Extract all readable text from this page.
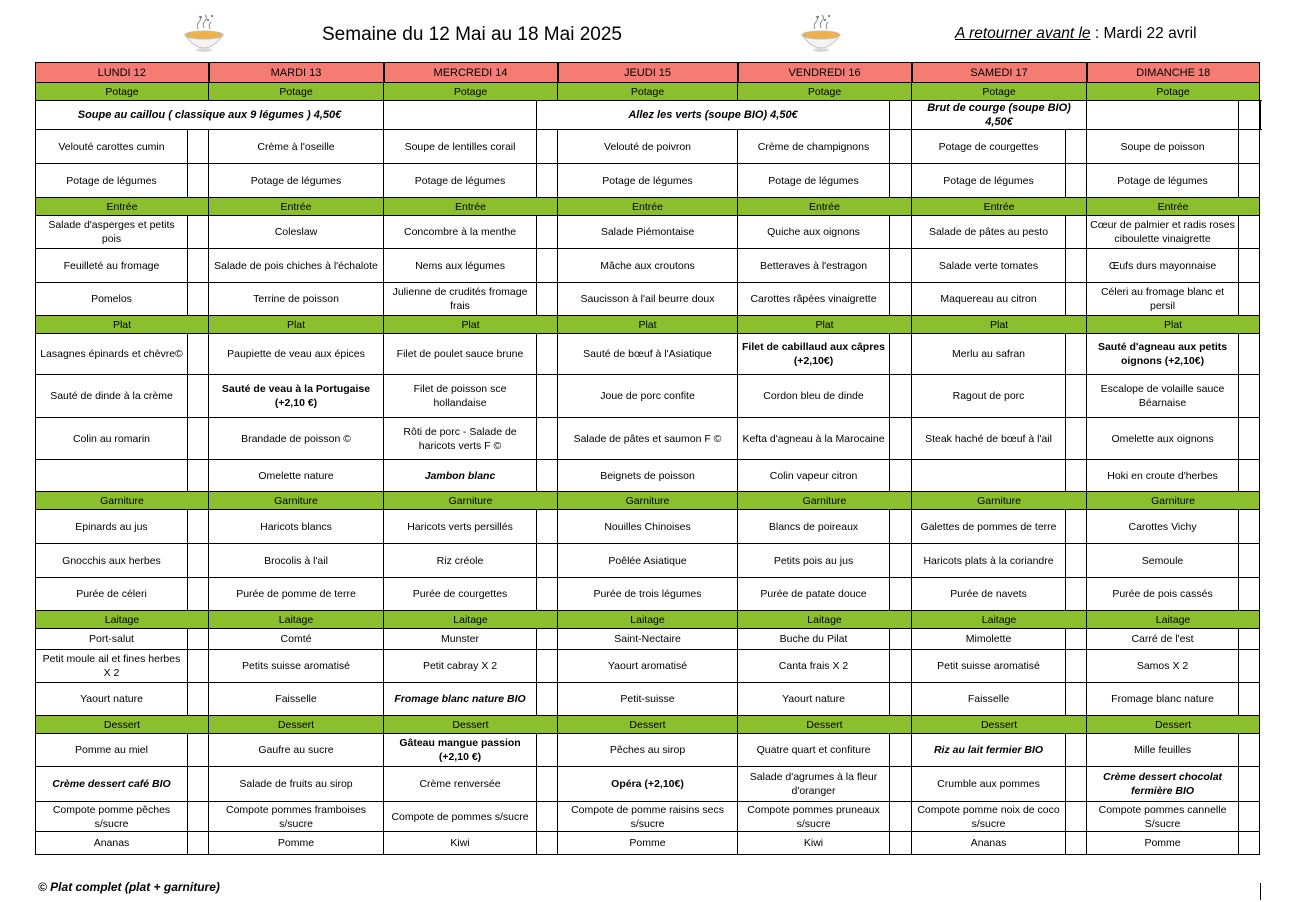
Semaine du 12 Mai au 18 Mai 2025	A retourner avant le : Mardi 22 avril
LUNDI 12		MARDI 13	MERCREDI 14		JEUDI 15	VENDREDI 16		SAMEDI 17		DIMANCHE 18		
Potage		Potage	Potage		Potage	Potage		Potage		Potage		
Soupe au caillou ( classique aux 9 légumes ) 4,50€				Allez les verts (soupe BIO) 4,50€				Brut de courge (soupe BIO) 4,50€				
Velouté carottes cumin		Crème à l'oseille	Soupe de lentilles corail		Velouté de poivron	Crème de champignons		Potage de courgettes		Soupe de poisson		
Potage de légumes		Potage de légumes	Potage de légumes		Potage de légumes	Potage de légumes		Potage de légumes		Potage de légumes		
Entrée		Entrée	Entrée		Entrée	Entrée		Entrée		Entrée		
Salade d'asperges et petits pois		Coleslaw	Concombre à la menthe		Salade Piémontaise	Quiche aux oignons		Salade de pâtes au pesto		Cœur de palmier et radis roses ciboulette vinaigrette		
Feuilleté au fromage		Salade de pois chiches à l'échalote	Nems aux légumes		Mâche aux croutons	Betteraves à l'estragon		Salade verte tomates		Œufs durs mayonnaise		
Pomelos		Terrine de poisson	Julienne de crudités fromage frais		Saucisson à l'ail beurre doux	Carottes râpées vinaigrette		Maquereau au citron		Céleri au fromage blanc et persil		
Plat		Plat	Plat		Plat	Plat		Plat		Plat		
Lasagnes épinards et chèvre©		Paupiette de veau aux épices	Filet de poulet sauce brune		Sauté de bœuf à l'Asiatique	Filet de cabillaud aux câpres (+2,10€)		Merlu au safran		Sauté d'agneau aux petits oignons (+2,10€)		
Sauté de dinde à la crème		Sauté de veau à la Portugaise (+2,10 €)	Filet de poisson sce hollandaise		Joue de porc confite	Cordon bleu de dinde		Ragout de porc		Escalope de volaille sauce Béarnaise		
Colin au romarin		Brandade de poisson ©	Rôti de porc - Salade de haricots verts F ©		Salade de pâtes et saumon F ©	Kefta d'agneau à la Marocaine		Steak haché de bœuf à l'ail		Omelette aux oignons		
		Omelette nature	Jambon blanc		Beignets de poisson	Colin vapeur citron				Hoki en croute d'herbes		
Garniture		Garniture	Garniture		Garniture	Garniture		Garniture		Garniture		
Epinards au jus		Haricots blancs	Haricots verts persillés		Nouilles Chinoises	Blancs de poireaux		Galettes de pommes de terre		Carottes Vichy		
Gnocchis aux herbes		Brocolis à l'ail	Riz créole		Poêlée Asiatique	Petits pois au jus		Haricots plats à la coriandre		Semoule		
Purée de céleri		Purée de pomme de terre	Purée de courgettes		Purée de trois légumes	Purée de patate douce		Purée de navets		Purée de pois cassés		
Laitage		Laitage	Laitage		Laitage	Laitage		Laitage		Laitage		
Port-salut		Comté	Munster		Saint-Nectaire	Buche du Pilat		Mimolette		Carré de l'est		
Petit moule ail et fines herbes X 2		Petits suisse aromatisé	Petit cabray X 2		Yaourt aromatisé	Canta frais X 2		Petit suisse aromatisé		Samos X 2		
Yaourt nature		Faisselle	Fromage blanc nature BIO		Petit-suisse	Yaourt nature		Faisselle		Fromage blanc nature		
Dessert		Dessert	Dessert		Dessert	Dessert		Dessert		Dessert		
Pomme au miel		Gaufre au sucre	Gâteau mangue passion (+2,10 €)		Pêches au sirop	Quatre quart et confiture		Riz au lait fermier BIO		Mille feuilles		
Crème dessert café BIO		Salade de fruits au sirop	Crème renversée		Opéra (+2,10€)	Salade d'agrumes à la fleur d'oranger		Crumble aux pommes		Crème dessert chocolat fermière BIO		
Compote pomme pêches s/sucre		Compote pommes framboises s/sucre	Compote de pommes s/sucre		Compote de pomme raisins secs s/sucre	Compote pommes pruneaux s/sucre		Compote pomme noix de coco s/sucre		Compote pommes cannelle S/sucre		
Ananas		Pomme	Kiwi		Pomme	Kiwi		Ananas		Pomme		
© Plat complet (plat + garniture)
